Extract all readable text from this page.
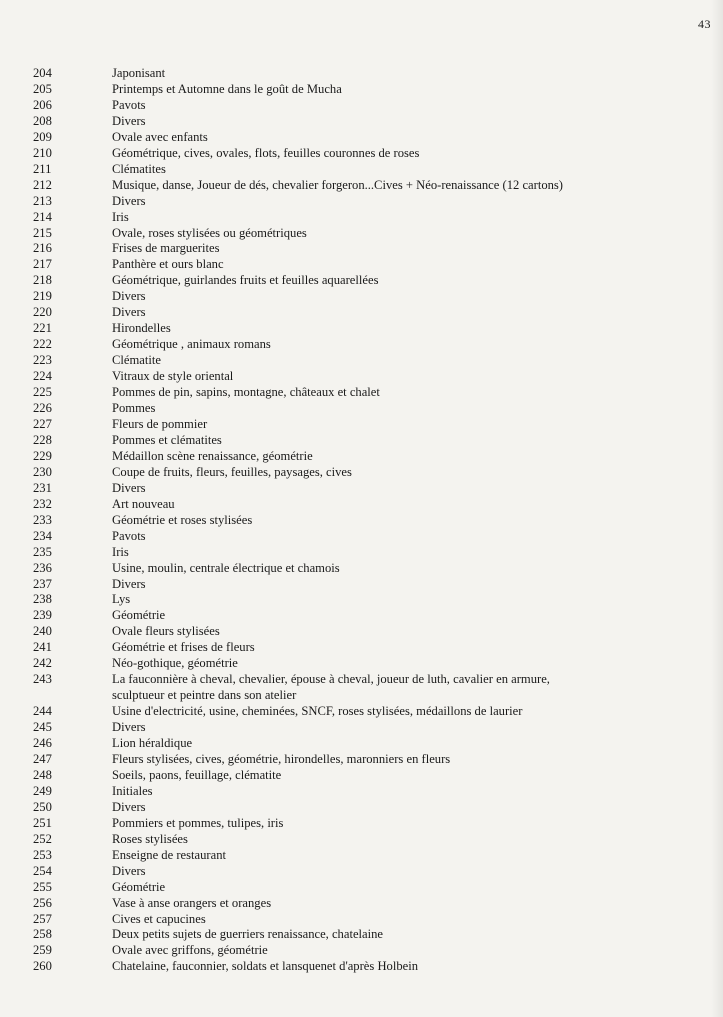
43
204	Japonisant
205	Printemps et Automne dans le goût de Mucha
206	Pavots
208	Divers
209	Ovale avec enfants
210	Géométrique, cives, ovales, flots, feuilles couronnes de roses
211	Clématites
212	Musique, danse, Joueur de dés, chevalier forgeron...Cives + Néo-renaissance (12 cartons)
213	Divers
214	Iris
215	Ovale, roses stylisées ou géométriques
216	Frises de marguerites
217	Panthère et ours blanc
218	Géométrique, guirlandes fruits et feuilles aquarellées
219	Divers
220	Divers
221	Hirondelles
222	Géométrique , animaux romans
223	Clématite
224	Vitraux de style oriental
225	Pommes de pin, sapins, montagne, châteaux et chalet
226	Pommes
227	Fleurs de pommier
228	Pommes et clématites
229	Médaillon scène renaissance, géométrie
230	Coupe de fruits, fleurs, feuilles, paysages, cives
231	Divers
232	Art nouveau
233	Géométrie et roses stylisées
234	Pavots
235	Iris
236	Usine, moulin, centrale électrique et chamois
237	Divers
238	Lys
239	Géométrie
240	Ovale fleurs stylisées
241	Géométrie et frises de fleurs
242	Néo-gothique, géométrie
243	La fauconnière à cheval, chevalier, épouse à cheval, joueur de luth, cavalier en armure,
sculptueur et peintre dans son atelier
244	Usine d'electricité, usine, cheminées, SNCF, roses stylisées, médaillons de laurier
245	Divers
246	Lion héraldique
247	Fleurs stylisées, cives, géométrie, hirondelles, maronniers en fleurs
248	Soeils, paons, feuillage, clématite
249	Initiales
250	Divers
251	Pommiers et pommes, tulipes, iris
252	Roses stylisées
253	Enseigne de restaurant
254	Divers
255	Géométrie
256	Vase à anse orangers et oranges
257	Cives et capucines
258	Deux petits sujets de guerriers renaissance, chatelaine
259	Ovale avec griffons, géométrie
260	Chatelaine, fauconnier, soldats et lansquenet d'après Holbein
